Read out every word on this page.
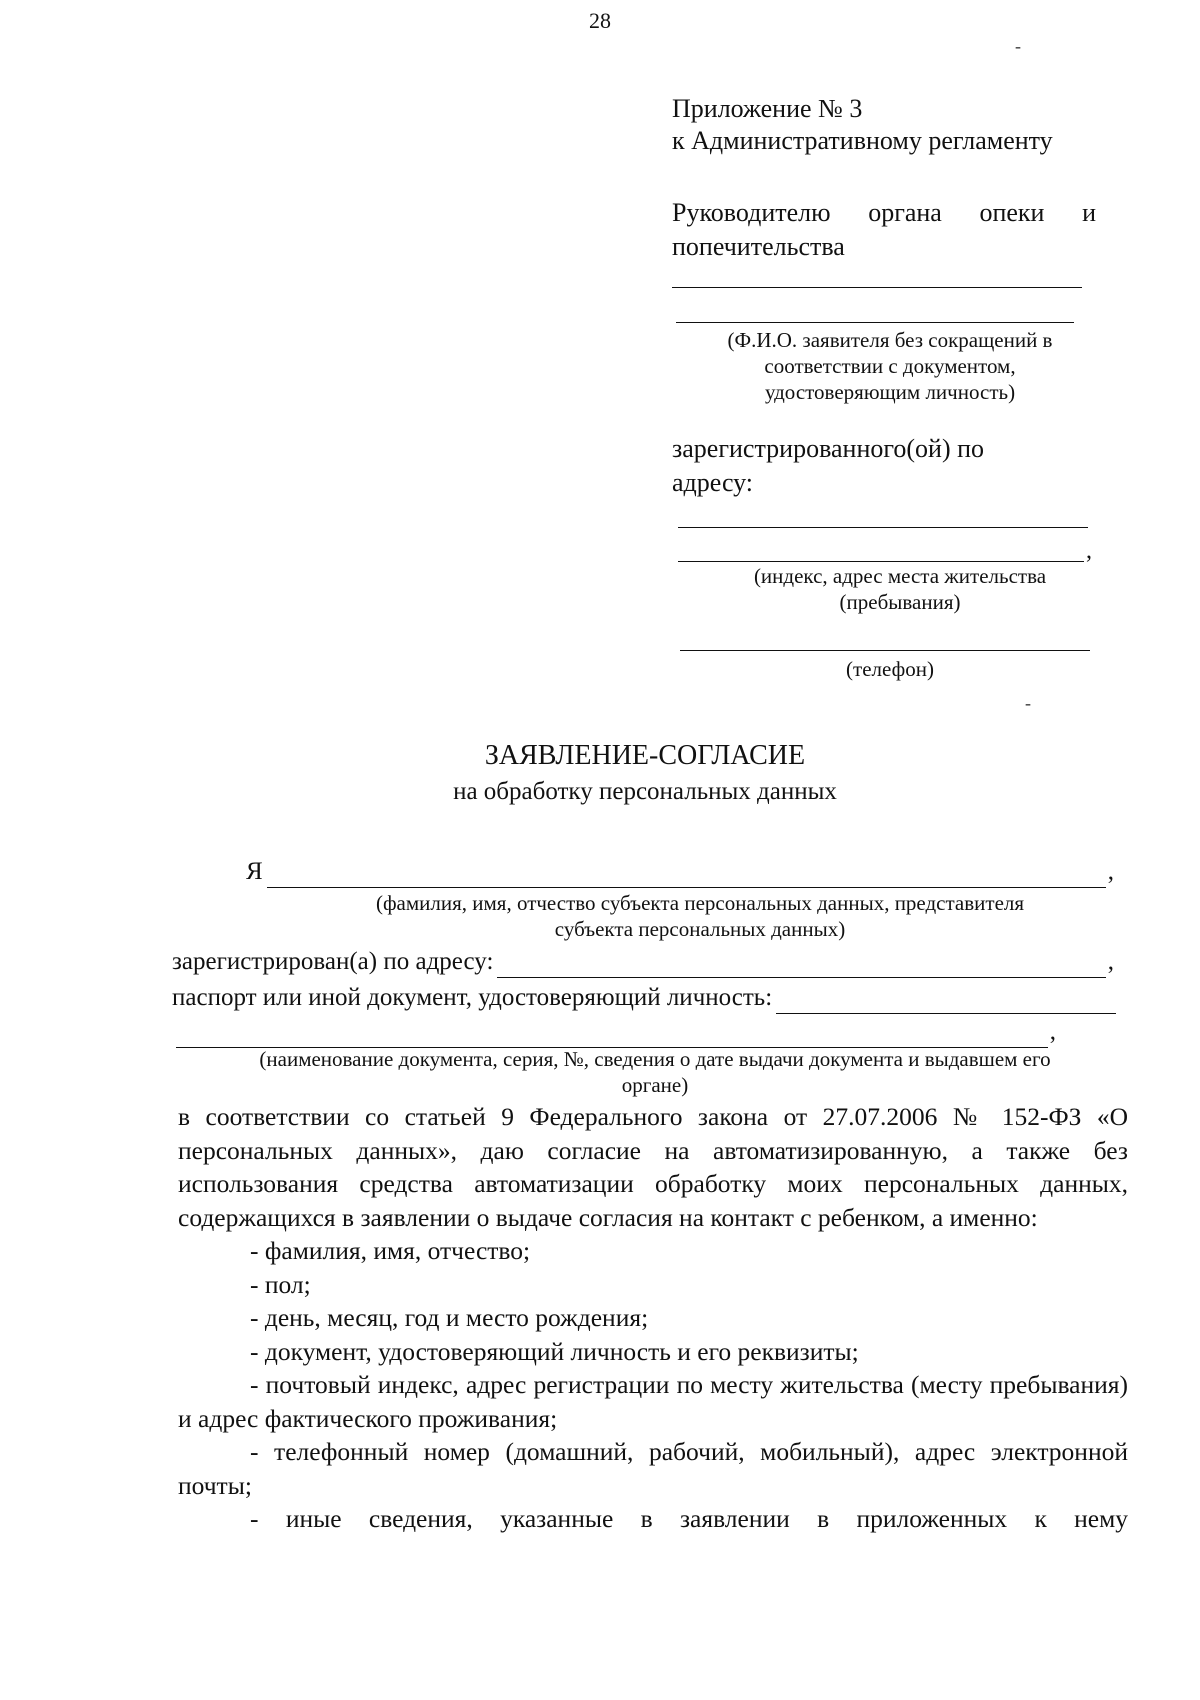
28
-
Приложение № 3
к Административному регламенту
Руководителю органа опеки и
попечительства
(Ф.И.О. заявителя без сокращений в соответствии с документом, удостоверяющим личность)
зарегистрированного(ой) по
адресу:
,
(индекс, адрес места жительства
(пребывания)
(телефон)
-
ЗАЯВЛЕНИЕ-СОГЛАСИЕ
на обработку персональных данных
Я	,
(фамилия, имя, отчество субъекта персональных данных, представителя
субъекта персональных данных)
зарегистрирован(а) по адресу:	,
паспорт или иной документ, удостоверяющий личность:
,
(наименование документа, серия, №, сведения о дате выдачи документа и выдавшем его
органе)

в соответствии со статьей 9 Федерального закона от 27.07.2006 № 152-ФЗ «О персональных данных», даю согласие на автоматизированную, а также без использования средства автоматизации обработку моих персональных данных, содержащихся в заявлении о выдаче согласия на контакт с ребенком, а именно:

- фамилия, имя, отчество;

- пол;

- день, месяц, год и место рождения;

- документ, удостоверяющий личность и его реквизиты;

- почтовый индекс, адрес регистрации по месту жительства (месту пребывания) и адрес фактического проживания;

- телефонный номер (домашний, рабочий, мобильный), адрес электронной почты;

- иные сведения, указанные в заявлении в приложенных к нему
